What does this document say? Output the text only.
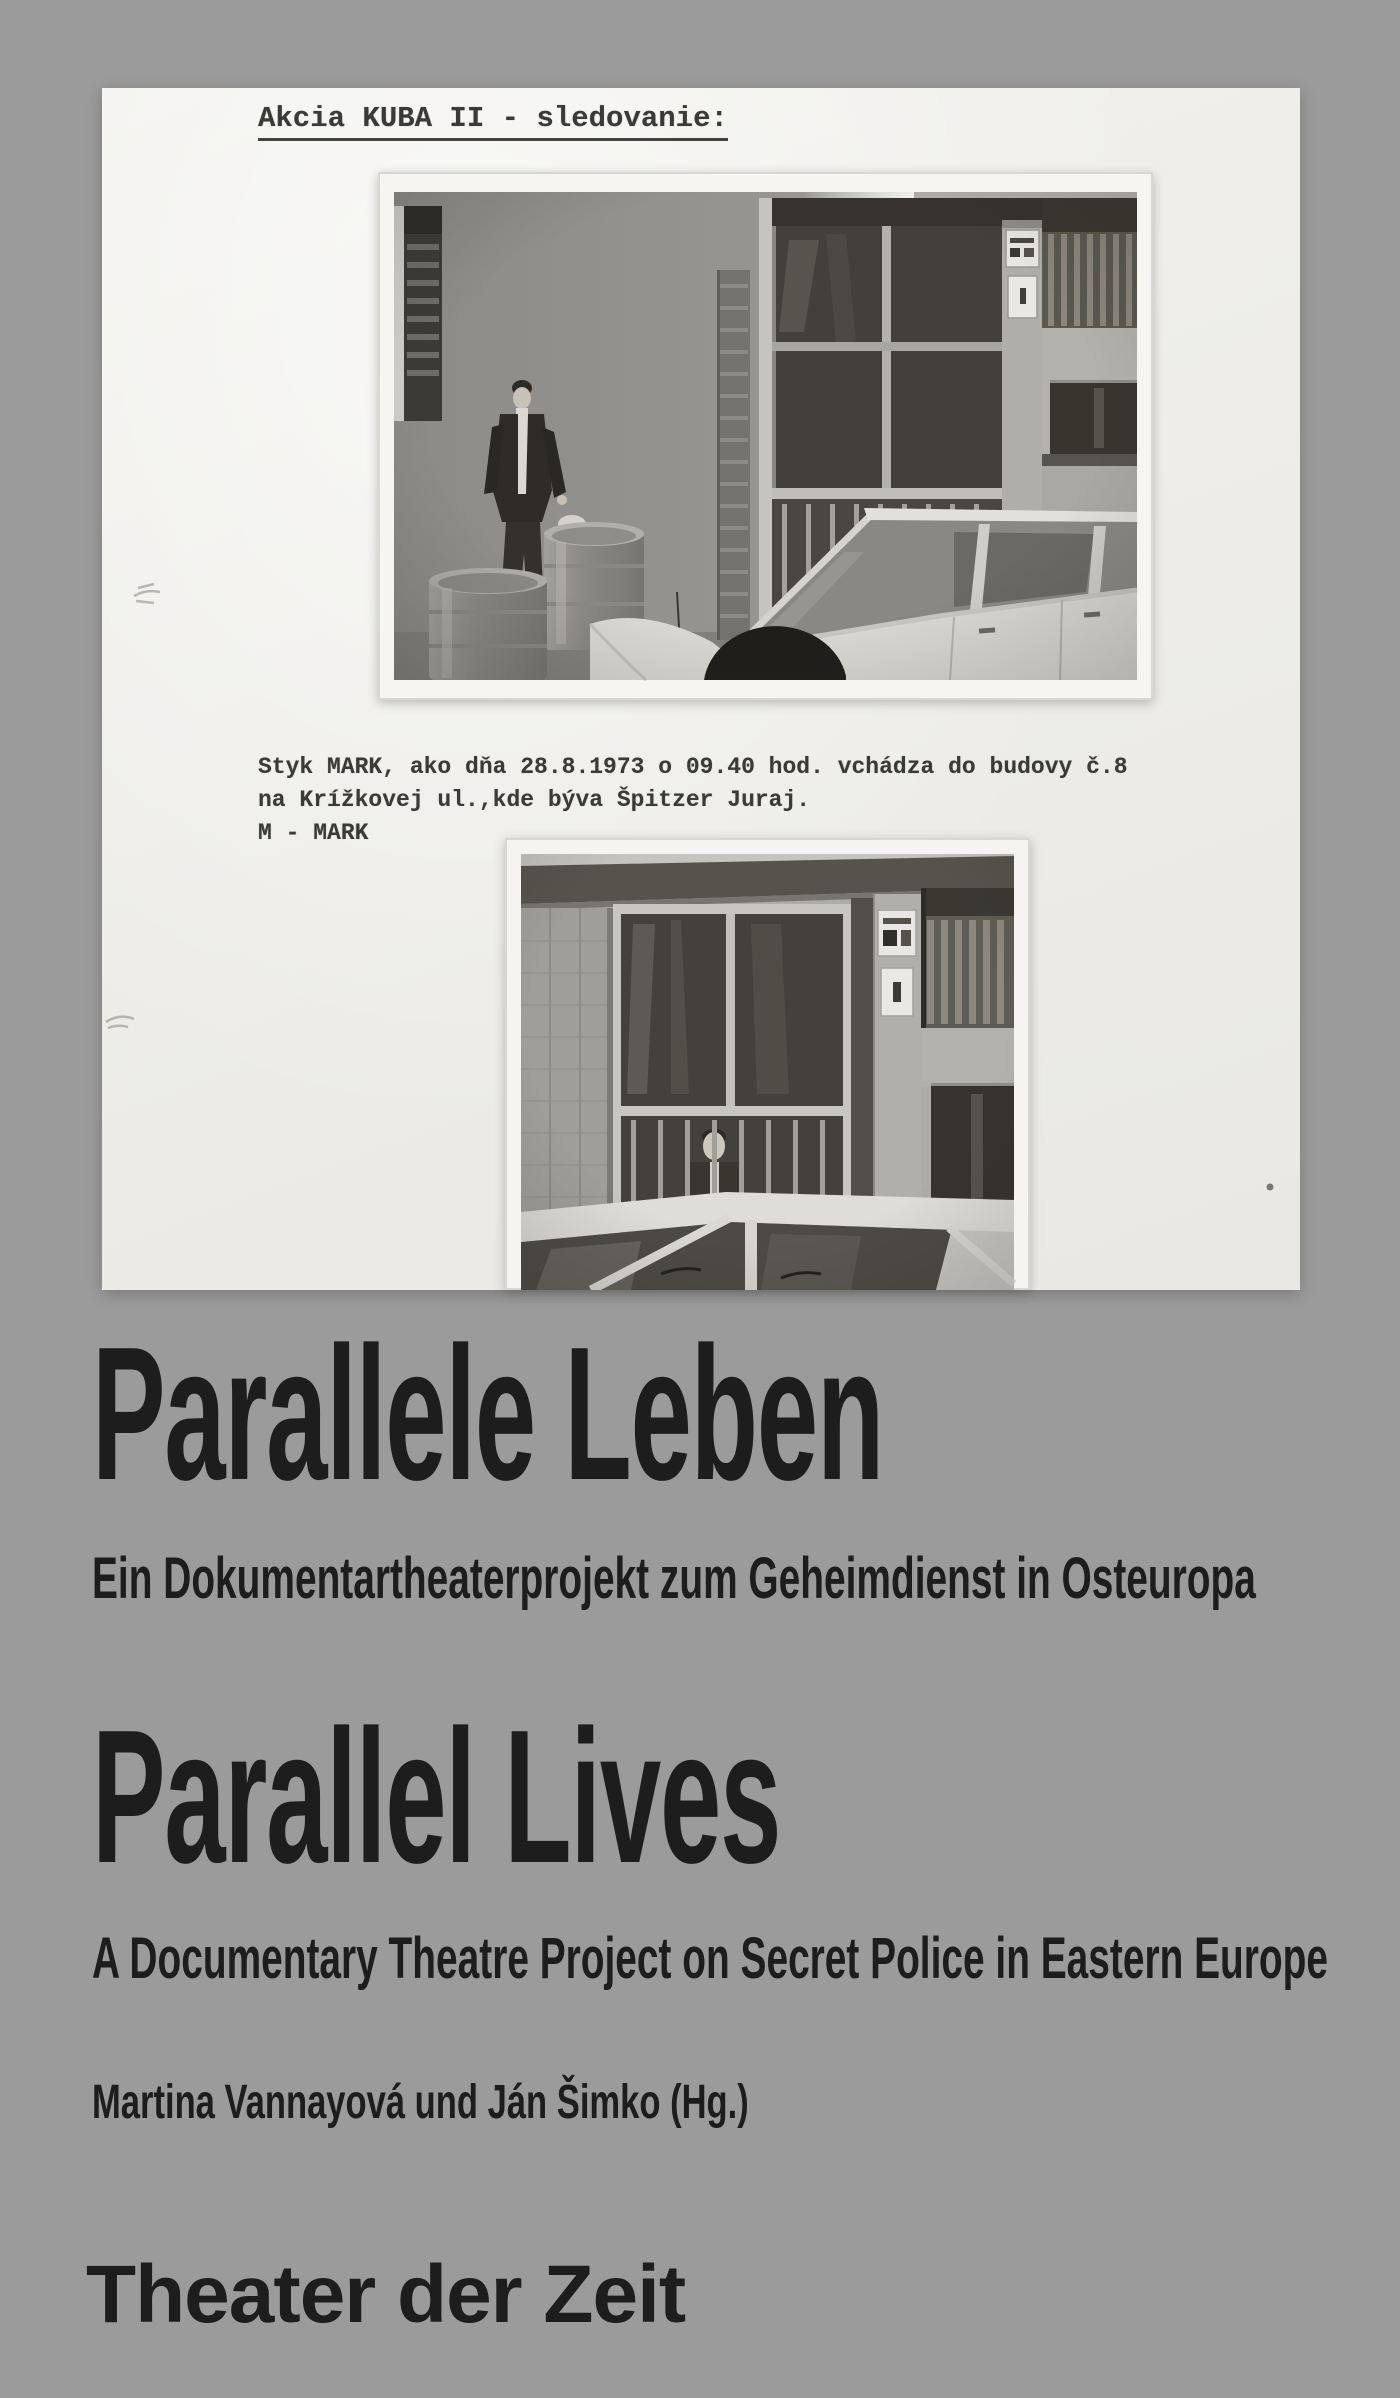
Akcia KUBA II - sledovanie:
Styk MARK, ako dňa 28.8.1973 o 09.40 hod. vchádza do budovy č.8
na Krížkovej ul.,kde býva Špitzer Juraj.
M - MARK
Parallele Leben
Ein Dokumentartheaterprojekt zum Geheimdienst in Osteuropa
Parallel Lives
A Documentary Theatre Project on Secret Police in Eastern Europe
Martina Vannayová und Ján Šimko (Hg.)
Theater der Zeit
